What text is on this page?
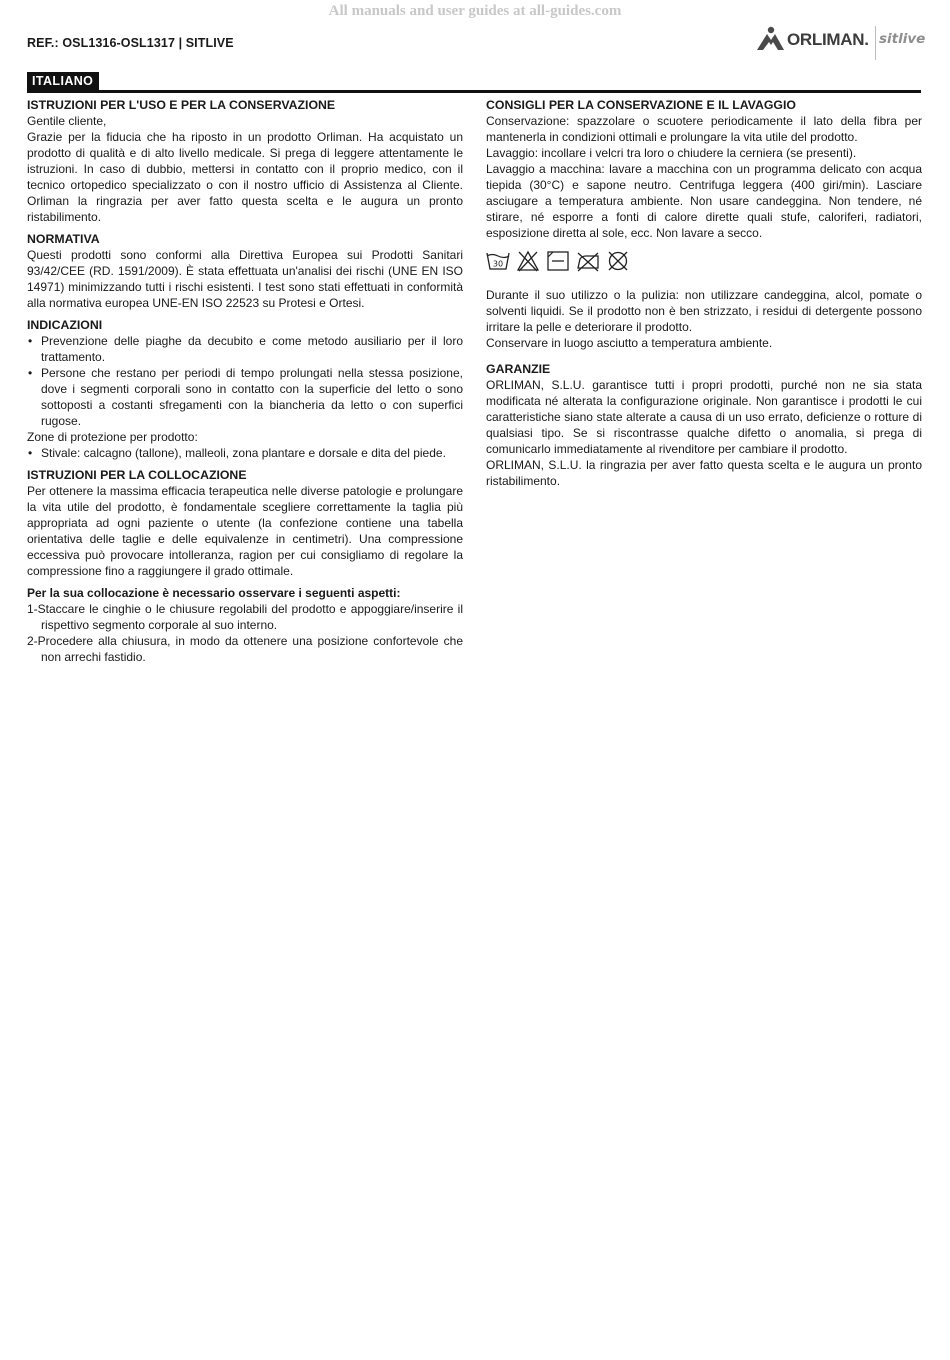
All manuals and user guides at all-guides.com
REF.: OSL1316-OSL1317 | SITLIVE	ORLIMAN. sitlive
ITALIANO
ISTRUZIONI PER L'USO E PER LA CONSERVAZIONE

Gentile cliente,

Grazie per la fiducia che ha riposto in un prodotto Orliman. Ha acquistato un prodotto di qualità e di alto livello medicale. Si prega di leggere attentamente le istruzioni. In caso di dubbio, mettersi in contatto con il proprio medico, con il tecnico ortopedico specializzato o con il nostro ufficio di Assistenza al Cliente. Orliman la ringrazia per aver fatto questa scelta e le augura un pronto ristabilimento.

NORMATIVA

Questi prodotti sono conformi alla Direttiva Europea sui Prodotti Sanitari 93/42/CEE (RD. 1591/2009). È stata effettuata un'analisi dei rischi (UNE EN ISO 14971) minimizzando tutti i rischi esistenti. I test sono stati effettuati in conformità alla normativa europea UNE-EN ISO 22523 su Protesi e Ortesi.

INDICAZIONI
• Prevenzione delle piaghe da decubito e come metodo ausiliario per il loro trattamento.
• Persone che restano per periodi di tempo prolungati nella stessa posizione, dove i segmenti corporali sono in contatto con la superficie del letto o sono sottoposti a costanti sfregamenti con la biancheria da letto o con superfici rugose.

Zone di protezione per prodotto:

• Stivale: calcagno (tallone), malleoli, zona plantare e dorsale e dita del piede.
ISTRUZIONI PER LA COLLOCAZIONE

Per ottenere la massima efficacia terapeutica nelle diverse patologie e prolungare la vita utile del prodotto, è fondamentale scegliere correttamente la taglia più appropriata ad ogni paziente o utente (la confezione contiene una tabella orientativa delle taglie e delle equivalenze in centimetri). Una compressione eccessiva può provocare intolleranza, ragion per cui consigliamo di regolare la compressione fino a raggiungere il grado ottimale.

Per la sua collocazione è necessario osservare i seguenti aspetti:

1-Staccare le cinghie o le chiusure regolabili del prodotto e appoggiare/inserire il rispettivo segmento corporale al suo interno.
2-Procedere alla chiusura, in modo da ottenere una posizione confortevole che non arrechi fastidio.
CONSIGLI PER LA CONSERVAZIONE E IL LAVAGGIO

Conservazione: spazzolare o scuotere periodicamente il lato della fibra per mantenerla in condizioni ottimali e prolungare la vita utile del prodotto.

Lavaggio: incollare i velcri tra loro o chiudere la cerniera (se presenti).

Lavaggio a macchina: lavare a macchina con un programma delicato con acqua tiepida (30°C) e sapone neutro. Centrifuga leggera (400 giri/min). Lasciare asciugare a temperatura ambiente. Non usare candeggina. Non tendere, né stirare, né esporre a fonti di calore dirette quali stufe, caloriferi, radiatori, esposizione diretta al sole, ecc. Non lavare a secco.

30

Durante il suo utilizzo o la pulizia: non utilizzare candeggina, alcol, pomate o solventi liquidi. Se il prodotto non è ben strizzato, i residui di detergente possono irritare la pelle e deteriorare il prodotto.

Conservare in luogo asciutto a temperatura ambiente.

GARANZIE

ORLIMAN, S.L.U. garantisce tutti i propri prodotti, purché non ne sia stata modificata né alterata la configurazione originale. Non garantisce i prodotti le cui caratteristiche siano state alterate a causa di un uso errato, deficienze o rotture di qualsiasi tipo. Se si riscontrasse qualche difetto o anomalia, si prega di comunicarlo immediatamente al rivenditore per cambiare il prodotto.

ORLIMAN, S.L.U. la ringrazia per aver fatto questa scelta e le augura un pronto ristabilimento.
